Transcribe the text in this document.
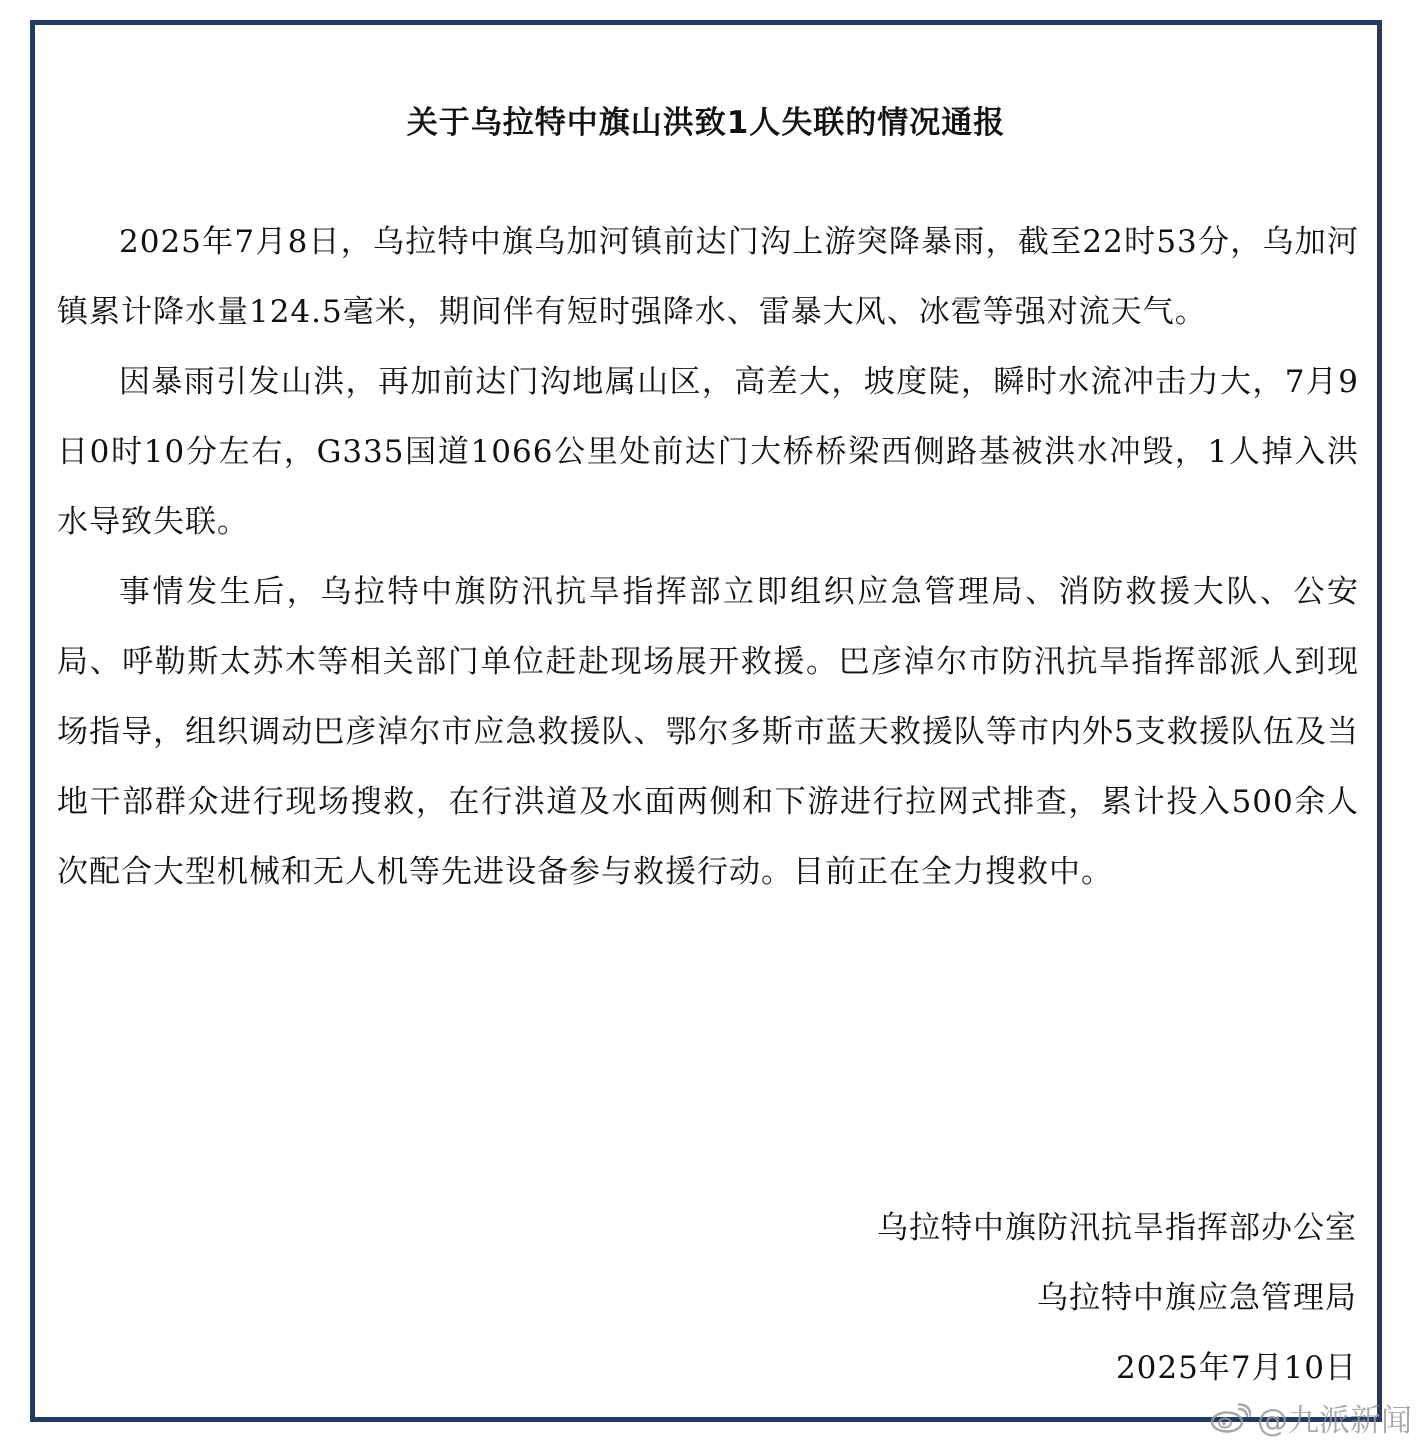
关于乌拉特中旗山洪致1人失联的情况通报

2025年7月8日，乌拉特中旗乌加河镇前达门沟上游突降暴雨，截至22时53分，乌加河镇累计降水量124.5毫米，期间伴有短时强降水、雷暴大风、冰雹等强对流天气。

因暴雨引发山洪，再加前达门沟地属山区，高差大，坡度陡，瞬时水流冲击力大，7月9日0时10分左右，G335国道1066公里处前达门大桥桥梁西侧路基被洪水冲毁，1人掉入洪水导致失联。

事情发生后，乌拉特中旗防汛抗旱指挥部立即组织应急管理局、消防救援大队、公安局、呼勒斯太苏木等相关部门单位赶赴现场展开救援。巴彦淖尔市防汛抗旱指挥部派人到现场指导，组织调动巴彦淖尔市应急救援队、鄂尔多斯市蓝天救援队等市内外5支救援队伍及当地干部群众进行现场搜救，在行洪道及水面两侧和下游进行拉网式排查，累计投入500余人次配合大型机械和无人机等先进设备参与救援行动。目前正在全力搜救中。

乌拉特中旗防汛抗旱指挥部办公室
乌拉特中旗应急管理局
2025年7月10日
@九派新闻
